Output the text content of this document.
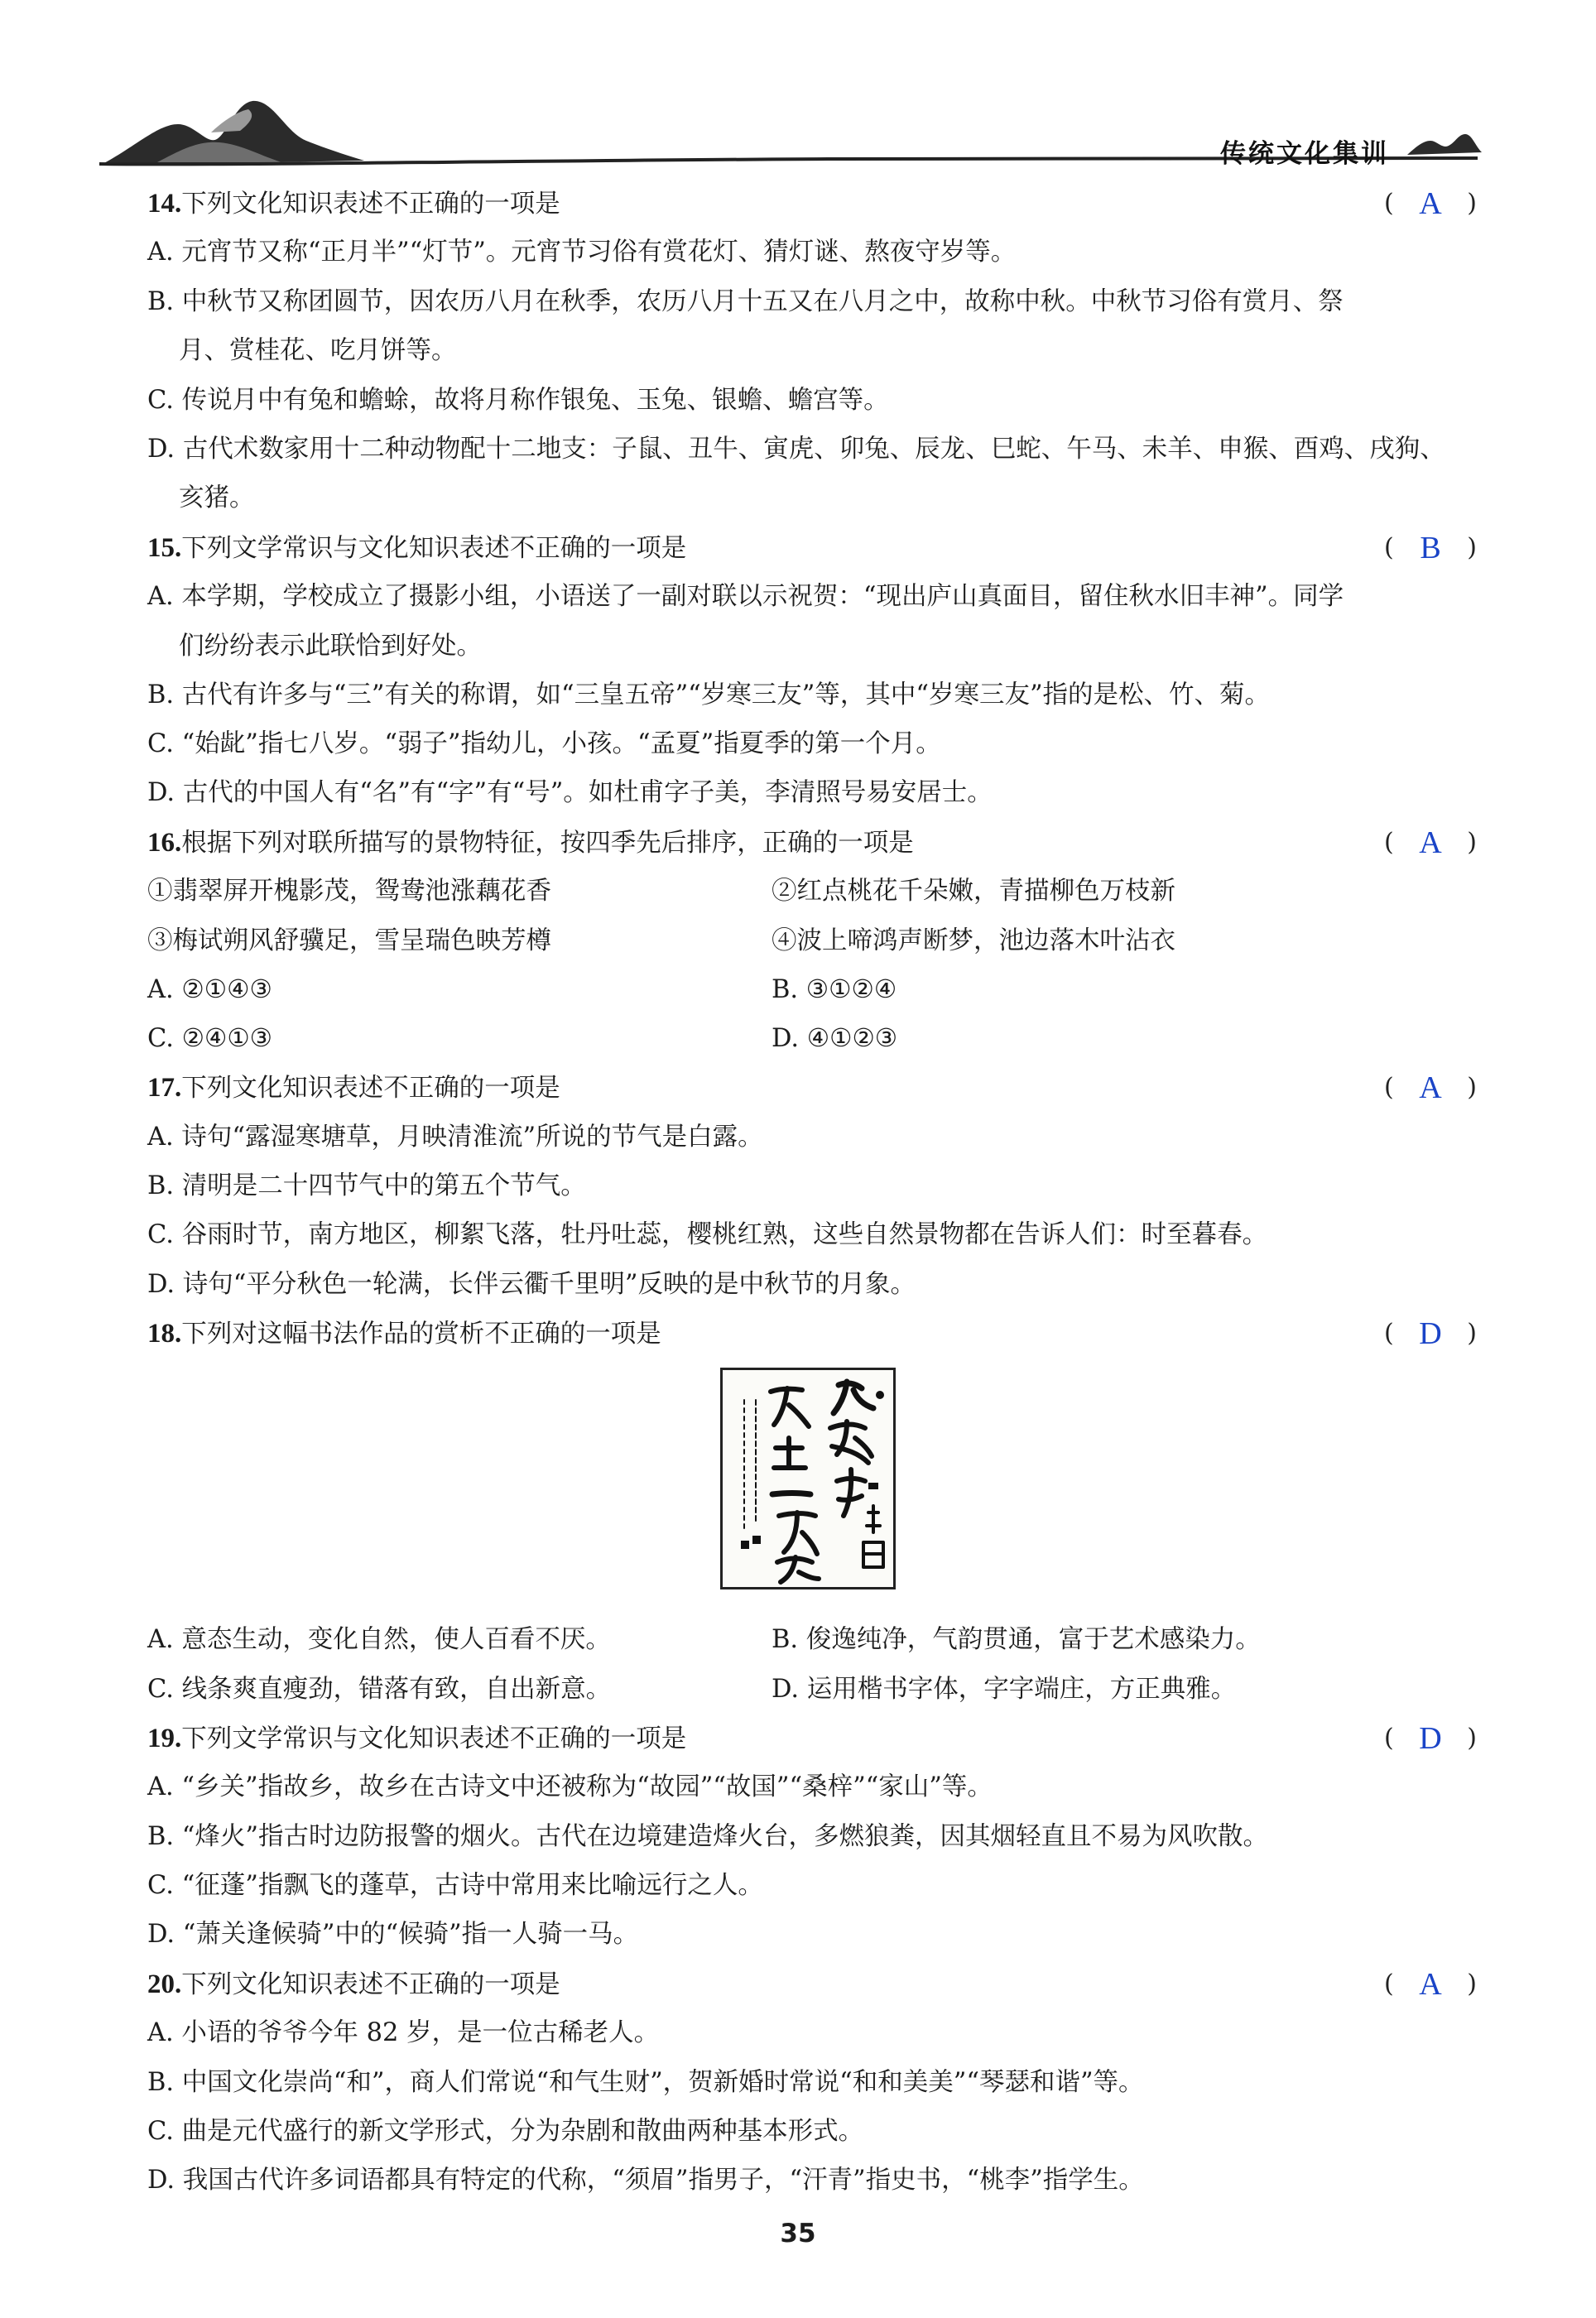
传统文化集训
14.下列文化知识表述不正确的一项是	( A )
A. 元宵节又称“正月半”“灯节”。元宵节习俗有赏花灯、猜灯谜、熬夜守岁等。
B. 中秋节又称团圆节，因农历八月在秋季，农历八月十五又在八月之中，故称中秋。中秋节习俗有赏月、祭
月、赏桂花、吃月饼等。
C. 传说月中有兔和蟾蜍，故将月称作银兔、玉兔、银蟾、蟾宫等。
D. 古代术数家用十二种动物配十二地支：子鼠、丑牛、寅虎、卯兔、辰龙、巳蛇、午马、未羊、申猴、酉鸡、戌狗、
亥猪。
15.下列文学常识与文化知识表述不正确的一项是	( B )
A. 本学期，学校成立了摄影小组，小语送了一副对联以示祝贺：“现出庐山真面目，留住秋水旧丰神”。同学
们纷纷表示此联恰到好处。
B. 古代有许多与“三”有关的称谓，如“三皇五帝”“岁寒三友”等，其中“岁寒三友”指的是松、竹、菊。
C. “始龀”指七八岁。“弱子”指幼儿，小孩。“孟夏”指夏季的第一个月。
D. 古代的中国人有“名”有“字”有“号”。如杜甫字子美，李清照号易安居士。
16.根据下列对联所描写的景物特征，按四季先后排序，正确的一项是	( A )
①翡翠屏开槐影茂，鸳鸯池涨藕花香	②红点桃花千朵嫩，青描柳色万枝新
③梅试朔风舒骥足，雪呈瑞色映芳樽	④波上啼鸿声断梦，池边落木叶沾衣
A. ②①④③	B. ③①②④
C. ②④①③	D. ④①②③
17.下列文化知识表述不正确的一项是	( A )
A. 诗句“露湿寒塘草，月映清淮流”所说的节气是白露。
B. 清明是二十四节气中的第五个节气。
C. 谷雨时节，南方地区，柳絮飞落，牡丹吐蕊，樱桃红熟，这些自然景物都在告诉人们：时至暮春。
D. 诗句“平分秋色一轮满，长伴云衢千里明”反映的是中秋节的月象。
18.下列对这幅书法作品的赏析不正确的一项是	( D )
A. 意态生动，变化自然，使人百看不厌。	B. 俊逸纯净，气韵贯通，富于艺术感染力。
C. 线条爽直瘦劲，错落有致，自出新意。	D. 运用楷书字体，字字端庄，方正典雅。
19.下列文学常识与文化知识表述不正确的一项是	( D )
A. “乡关”指故乡，故乡在古诗文中还被称为“故园”“故国”“桑梓”“家山”等。
B. “烽火”指古时边防报警的烟火。古代在边境建造烽火台，多燃狼粪，因其烟轻直且不易为风吹散。
C. “征蓬”指飘飞的蓬草，古诗中常用来比喻远行之人。
D. “萧关逢候骑”中的“候骑”指一人骑一马。
20.下列文化知识表述不正确的一项是	( A )
A. 小语的爷爷今年 82 岁，是一位古稀老人。
B. 中国文化崇尚“和”，商人们常说“和气生财”，贺新婚时常说“和和美美”“琴瑟和谐”等。
C. 曲是元代盛行的新文学形式，分为杂剧和散曲两种基本形式。
D. 我国古代许多词语都具有特定的代称，“须眉”指男子，“汗青”指史书，“桃李”指学生。
35
